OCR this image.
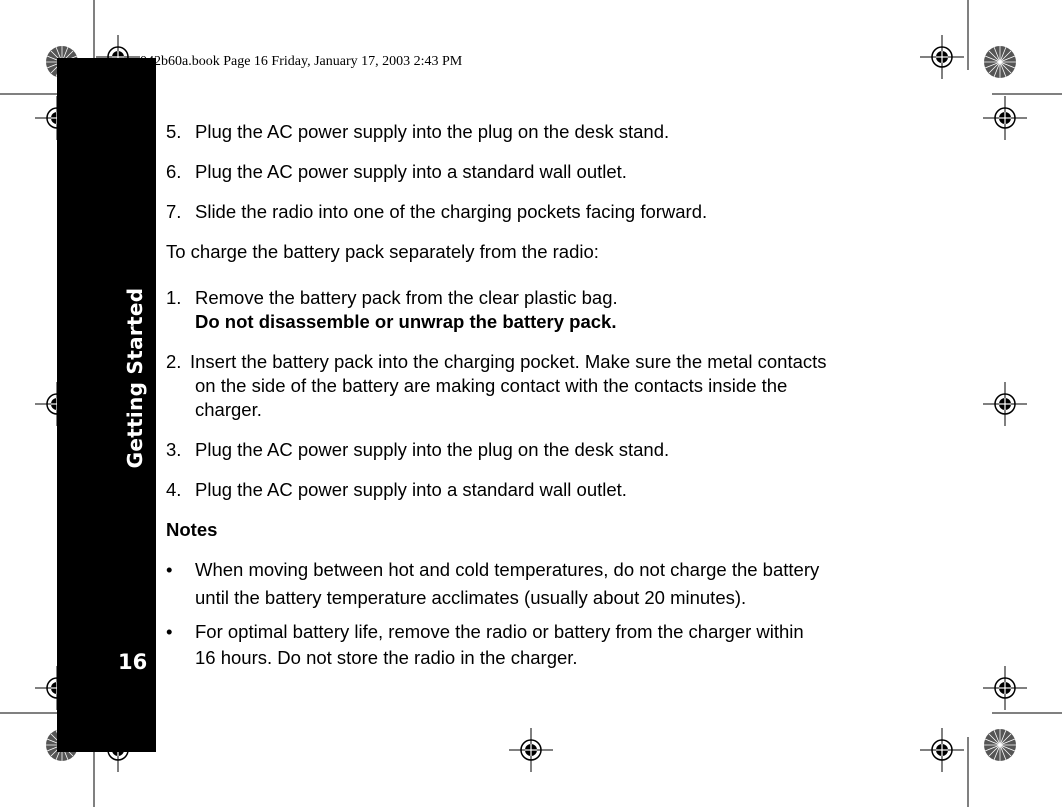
Getting Started
16
042b60a.book Page 16 Friday, January 17, 2003 2:43 PM
5. Plug the AC power supply into the plug on the desk stand.
6. Plug the AC power supply into a standard wall outlet.
7. Slide the radio into one of the charging pockets facing forward.
To charge the battery pack separately from the radio:
1. Remove the battery pack from the clear plastic bag.
Do not disassemble or unwrap the battery pack.
2. Insert the battery pack into the charging pocket. Make sure the metal contacts
on the side of the battery are making contact with the contacts inside the
charger.
3. Plug the AC power supply into the plug on the desk stand.
4. Plug the AC power supply into a standard wall outlet.
Notes
• When moving between hot and cold temperatures, do not charge the battery
until the battery temperature acclimates (usually about 20 minutes).
• For optimal battery life, remove the radio or battery from the charger within
16 hours. Do not store the radio in the charger.
